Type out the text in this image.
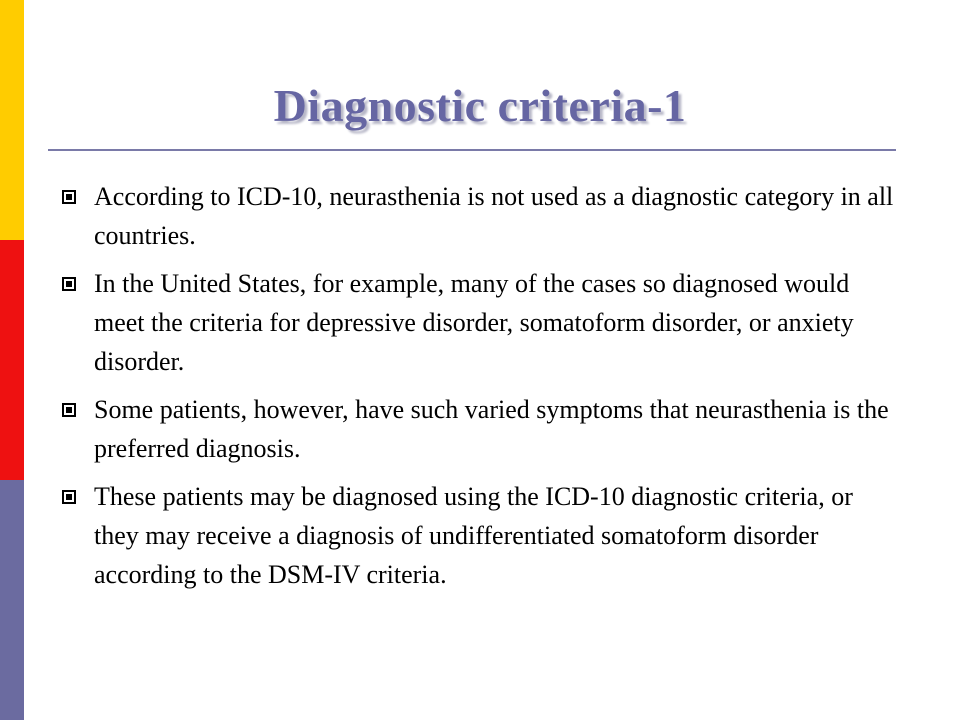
Diagnostic criteria-1
According to ICD-10, neurasthenia is not used as a diagnostic category in all countries.
In the United States, for example, many of the cases so diagnosed would meet the criteria for depressive disorder, somatoform disorder, or anxiety disorder.
Some patients, however, have such varied symptoms that neurasthenia is the preferred diagnosis.
These patients may be diagnosed using the ICD-10 diagnostic criteria, or they may receive a diagnosis of undifferentiated somatoform disorder according to the DSM-IV criteria.
